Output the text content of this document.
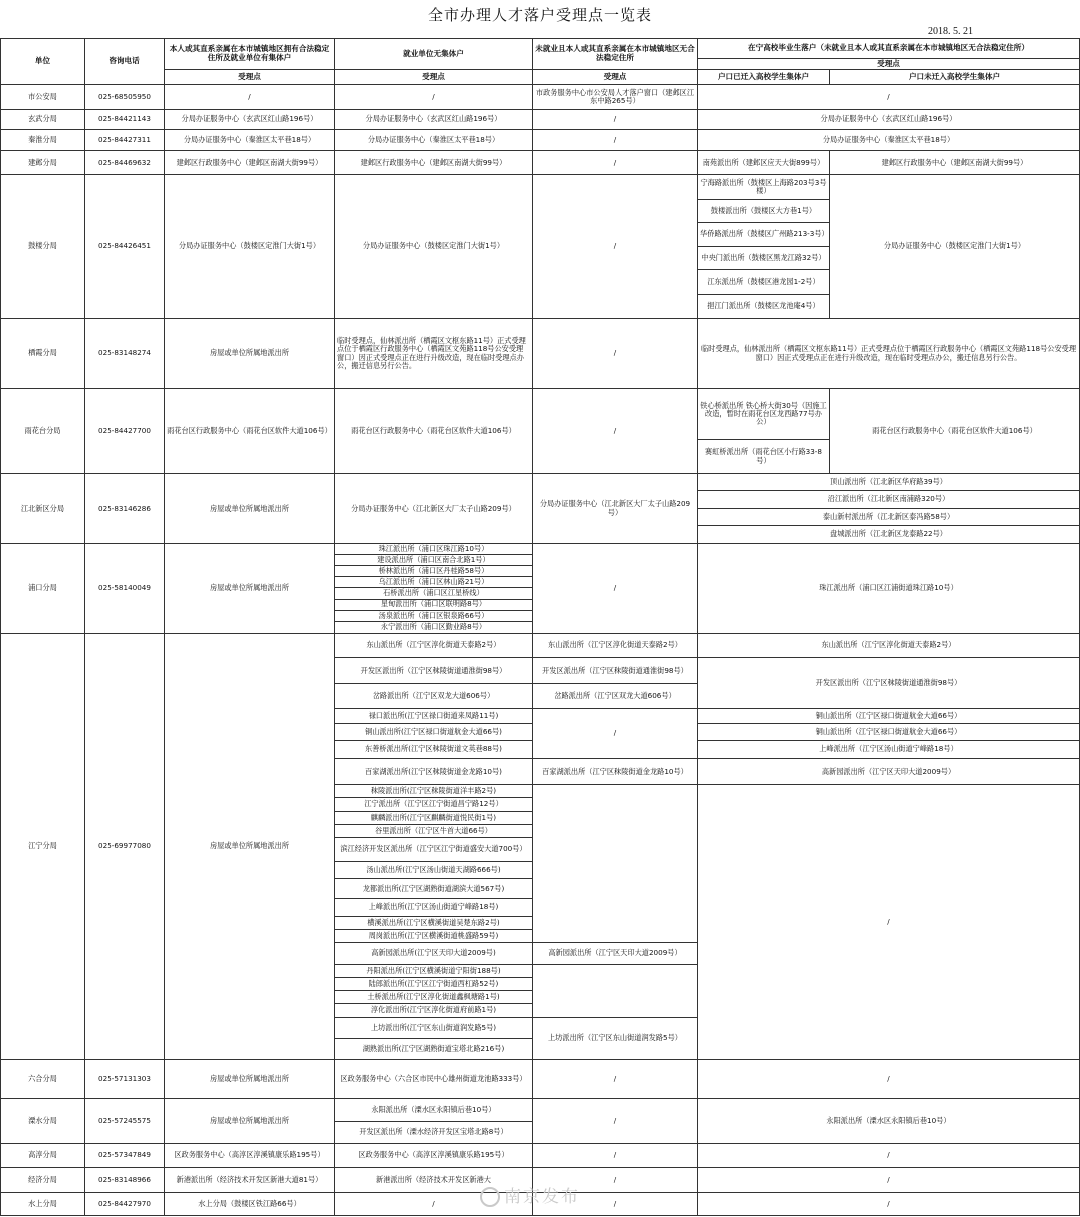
全市办理人才落户受理点一览表
2018. 5. 21
单位	咨询电话	本人或其直系亲属在本市城镇地区拥有合法稳定住所及就业单位有集体户	就业单位无集体户	未就业且本人或其直系亲属在本市城镇地区无合法稳定住所	在宁高校毕业生落户（未就业且本人或其直系亲属在本市城镇地区无合法稳定住所）	
					受理点	
		受理点	受理点	受理点	户口已迁入高校学生集体户	户口未迁入高校学生集体户
市公安局	025-68505950	/	/	市政务服务中心市公安局人才落户窗口（建邺区江东中路265号）	/	
玄武分局	025-84421143	分局办证服务中心（玄武区红山路196号）	分局办证服务中心（玄武区红山路196号）	/	分局办证服务中心（玄武区红山路196号）	
秦淮分局	025-84427311	分局办证服务中心（秦淮区太平巷18号）	分局办证服务中心（秦淮区太平巷18号）	/	分局办证服务中心（秦淮区太平巷18号）	
建邺分局	025-84469632	建邺区行政服务中心（建邺区南湖大街99号）	建邺区行政服务中心（建邺区南湖大街99号）	/	南苑派出所（建邺区应天大街899号）	建邺区行政服务中心（建邺区南湖大街99号）
鼓楼分局	025-84426451	分局办证服务中心（鼓楼区定淮门大街1号）	分局办证服务中心（鼓楼区定淮门大街1号）	/	宁海路派出所（鼓楼区上海路203号3号楼）	分局办证服务中心（鼓楼区定淮门大街1号）
					鼓楼派出所（鼓楼区大方巷1号）	
					华侨路派出所（鼓楼区广州路213-3号）	
					中央门派出所（鼓楼区黑龙江路32号）	
					江东派出所（鼓楼区港龙园1-2号）	
					挹江门派出所（鼓楼区龙池庵4号）	
栖霞分局	025-83148274	房屋或单位所属地派出所	临时受理点，仙林派出所（栖霞区文枢东路11号）正式受理点位于栖霞区行政服务中心（栖霞区文苑路118号公安受理窗口）因正式受理点正在进行升级改造，现在临时受理点办公，搬迁信息另行公告。	/	临时受理点，仙林派出所（栖霞区文枢东路11号）正式受理点位于栖霞区行政服务中心（栖霞区文苑路118号公安受理窗口）因正式受理点正在进行升级改造，现在临时受理点办公，搬迁信息另行公告。	
雨花台分局	025-84427700	雨花台区行政服务中心（雨花台区软件大道106号）	雨花台区行政服务中心（雨花台区软件大道106号）	/	铁心桥派出所 铁心桥大街30号（因施工改造，暂时在雨花台区龙西路77号办公）	雨花台区行政服务中心（雨花台区软件大道106号）
					赛虹桥派出所（雨花台区小行路33-8号）	
江北新区分局	025-83146286	房屋或单位所属地派出所	分局办证服务中心（江北新区大厂太子山路209号）	分局办证服务中心（江北新区大厂太子山路209号）	顶山派出所（江北新区华府路39号）	
					沿江派出所（江北新区南浦路320号）	
					泰山新村派出所（江北新区泰冯路58号）	
					盘城派出所（江北新区龙泰路22号）	
浦口分局	025-58140049	房屋或单位所属地派出所	珠江派出所（浦口区珠江路10号）	/	珠江派出所（浦口区江浦街道珠江路10号）	
			建设派出所（浦口区南合北路1号）			
			桥林派出所（浦口区丹桂路58号）			
			乌江派出所（浦口区林山路21号）			
			石桥派出所（浦口区江星桥线）			
			星甸派出所（浦口区联明路8号）			
			汤泉派出所（浦口区银泉路66号）			
			永宁派出所（浦口区勤业路8号）			
江宁分局	025-69977080	房屋或单位所属地派出所	东山派出所（江宁区淳化街道天泰路2号）	东山派出所（江宁区淳化街道天泰路2号）	东山派出所（江宁区淳化街道天泰路2号）	
			开发区派出所（江宁区秣陵街道通淮街98号）	开发区派出所（江宁区秣陵街道通淮街98号）	开发区派出所（江宁区秣陵街道通淮街98号）	
			岔路派出所（江宁区双龙大道606号）	岔路派出所（江宁区双龙大道606号）		
			禄口派出所(江宁区禄口街道来凤路11号)	/	铜山派出所（江宁区禄口街道航金大道66号）	
			铜山派出所(江宁区禄口街道航金大道66号)		铜山派出所（江宁区禄口街道航金大道66号）	
			东善桥派出所(江宁区秣陵街道文英巷88号)		上峰派出所（江宁区汤山街道宁峰路18号）	
			百家湖派出所(江宁区秣陵街道金龙路10号)	百家湖派出所（江宁区秣陵街道金龙路10号）	高新园派出所（江宁区天印大道2009号）	
			秣陵派出所(江宁区秣陵街道洋丰路2号)		/	
			江宁派出所（江宁区江宁街道昌宁路12号）			
			麒麟派出所(江宁区麒麟街道悦民街1号)			
			谷里派出所（江宁区牛首大道66号）			
			滨江经济开发区派出所（江宁区江宁街道盛安大道700号）			
			汤山派出所(江宁区汤山街道天湖路666号)			
			龙都派出所(江宁区湖熟街道湖滨大道567号)			
			上峰派出所(江宁区汤山街道宁峰路18号)			
			横溪派出所(江宁区横溪街道吴楚东路2号)			
			周岗派出所(江宁区横溪街道桃盛路59号)			
			高新园派出所(江宁区天印大道2009号)	高新园派出所（江宁区天印大道2009号）		
			丹阳派出所(江宁区横溪街道宁阳街188号)			
			陆郎派出所(江宁区江宁街道西杠路52号)			
			土桥派出所(江宁区淳化街道鑫枫塘路1号)			
			淳化派出所(江宁区淳化街道府前路1号)			
			上坊派出所(江宁区东山街道润发路5号)	上坊派出所（江宁区东山街道润发路5号）		
			湖熟派出所(江宁区湖熟街道宝塔北路216号)			
六合分局	025-57131303	房屋或单位所属地派出所	区政务服务中心（六合区市民中心雄州街道龙池路333号）	/	/	
溧水分局	025-57245575	房屋或单位所属地派出所	永阳派出所（溧水区永阳镇后巷10号）	/	永阳派出所（溧水区永阳镇后巷10号）	
			开发区派出所（溧水经济开发区宝塔北路8号）			
高淳分局	025-57347849	区政务服务中心（高淳区淳溪镇康乐路195号）	区政务服务中心（高淳区淳溪镇康乐路195号）	/	/	
经济分局	025-83148966	新港派出所（经济技术开发区新港大道81号）	新港派出所（经济技术开发区新港大	/	/	
水上分局	025-84427970	水上分局（鼓楼区铁江路66号）	/	/	/	
南京发布
